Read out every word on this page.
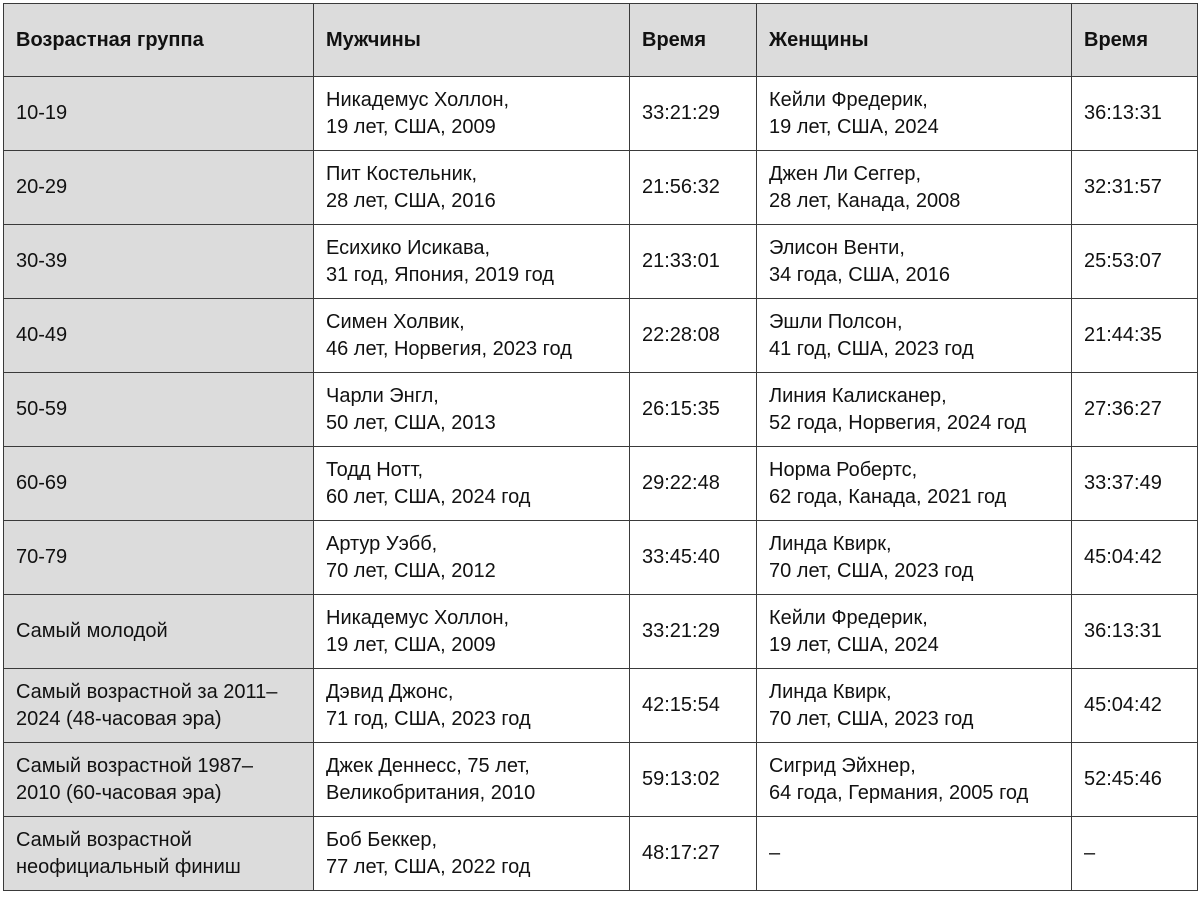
Возрастная группа	Мужчины	Время	Женщины	Время

10-19	Никадемус Холлон,
19 лет, США, 2009	33:21:29	Кейли Фредерик,
19 лет, США, 2024	36:13:31

20-29	Пит Костельник,
28 лет, США, 2016	21:56:32	Джен Ли Сеггер,
28 лет, Канада, 2008	32:31:57

30-39	Есихико Исикава,
31 год, Япония, 2019 год	21:33:01	Элисон Венти,
34 года, США, 2016	25:53:07

40-49	Симен Холвик,
46 лет, Норвегия, 2023 год	22:28:08	Эшли Полсон,
41 год, США, 2023 год	21:44:35

50-59	Чарли Энгл,
50 лет, США, 2013	26:15:35	Линия Калисканер,
52 года, Норвегия, 2024 год	27:36:27

60-69	Тодд Нотт,
60 лет, США, 2024 год	29:22:48	Норма Робертс,
62 года, Канада, 2021 год	33:37:49

70-79	Артур Уэбб,
70 лет, США, 2012	33:45:40	Линда Квирк,
70 лет, США, 2023 год	45:04:42

Самый молодой	Никадемус Холлон,
19 лет, США, 2009	33:21:29	Кейли Фредерик,
19 лет, США, 2024	36:13:31

Самый возрастной за 2011–
2024 (48-часовая эра)	Дэвид Джонс,
71 год, США, 2023 год	42:15:54	Линда Квирк,
70 лет, США, 2023 год	45:04:42

Самый возрастной 1987–
2010 (60-часовая эра)	Джек Деннесс, 75 лет,
Великобритания, 2010	59:13:02	Сигрид Эйхнер,
64 года, Германия, 2005 год	52:45:46

Самый возрастной
неофициальный финиш	Боб Беккер,
77 лет, США, 2022 год	48:17:27	–	–
